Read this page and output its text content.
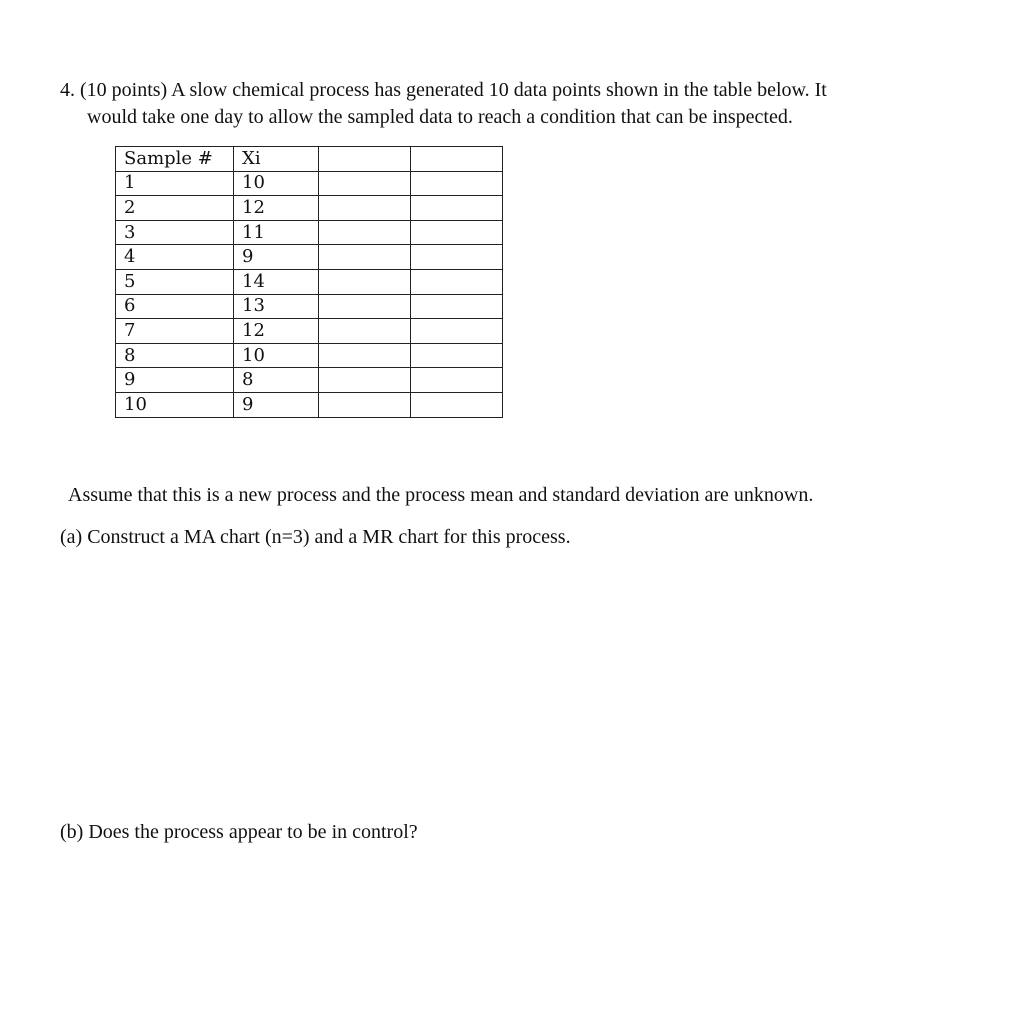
4. (10 points) A slow chemical process has generated 10 data points shown in the table below. It
would take one day to allow the sampled data to reach a condition that can be inspected.
Sample #	Xi		
1	10		
2	12		
3	11		
4	9		
5	14		
6	13		
7	12		
8	10		
9	8		
10	9		
Assume that this is a new process and the process mean and standard deviation are unknown.
(a) Construct a MA chart (n=3) and a MR chart for this process.
(b) Does the process appear to be in control?
